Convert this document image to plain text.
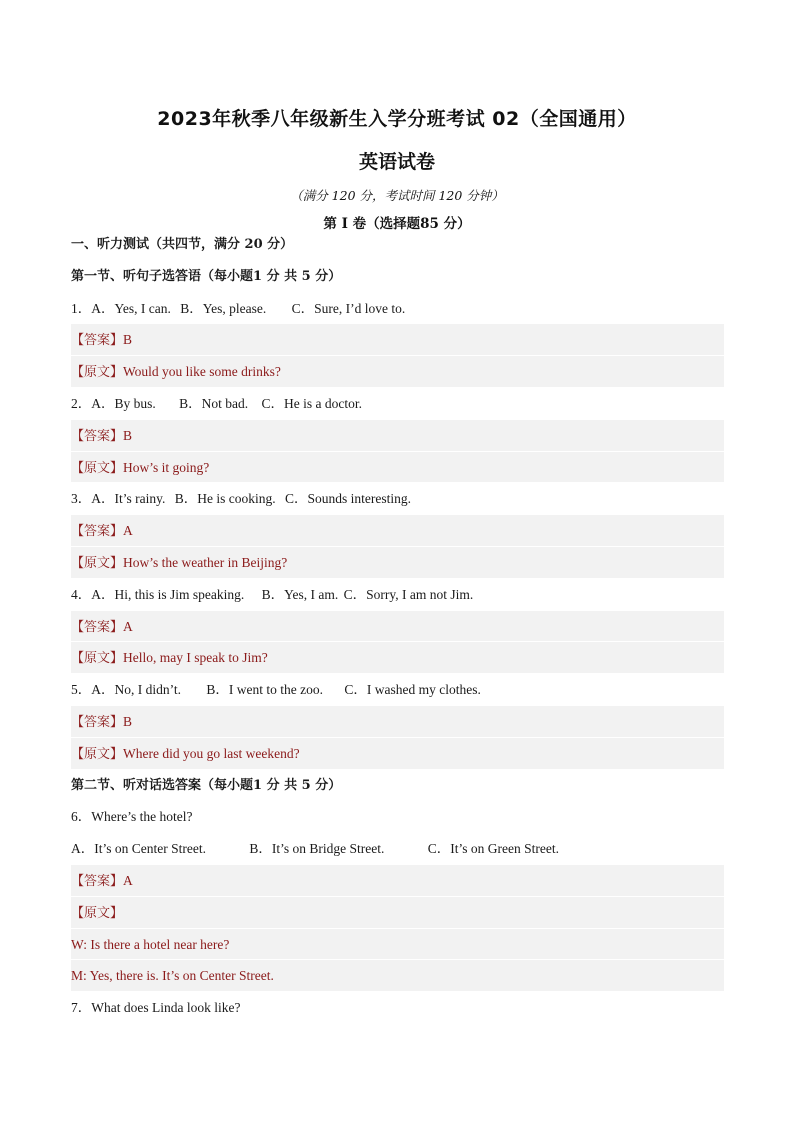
2023年秋季八年级新生入学分班考试 02（全国通用）
英语试卷
（满分 120 分，考试时间 120 分钟）
第 I 卷（选择题85 分）
一、听力测试（共四节，满分 20 分）
第一节、听句子选答语（每小题1 分 共 5 分）
1．A．Yes, I can. B．Yes, please. C．Sure, I’d love to.
【答案】B
【原文】Would you like some drinks?
2．A．By bus. B．Not bad. C．He is a doctor.
【答案】B
【原文】How’s it going?
3．A．It’s rainy. B．He is cooking. C．Sounds interesting.
【答案】A
【原文】How’s the weather in Beijing?
4．A．Hi, this is Jim speaking. B．Yes, I am. C．Sorry, I am not Jim.
【答案】A
【原文】Hello, may I speak to Jim?
5．A．No, I didn’t. B．I went to the zoo. C．I washed my clothes.
【答案】B
【原文】Where did you go last weekend?
第二节、听对话选答案（每小题1 分 共 5 分）
6．Where’s the hotel?
A．It’s on Center Street.	B．It’s on Bridge Street.	C．It’s on Green Street.
【答案】A
【原文】
W: Is there a hotel near here?
M: Yes, there is. It’s on Center Street.
7．What does Linda look like?
